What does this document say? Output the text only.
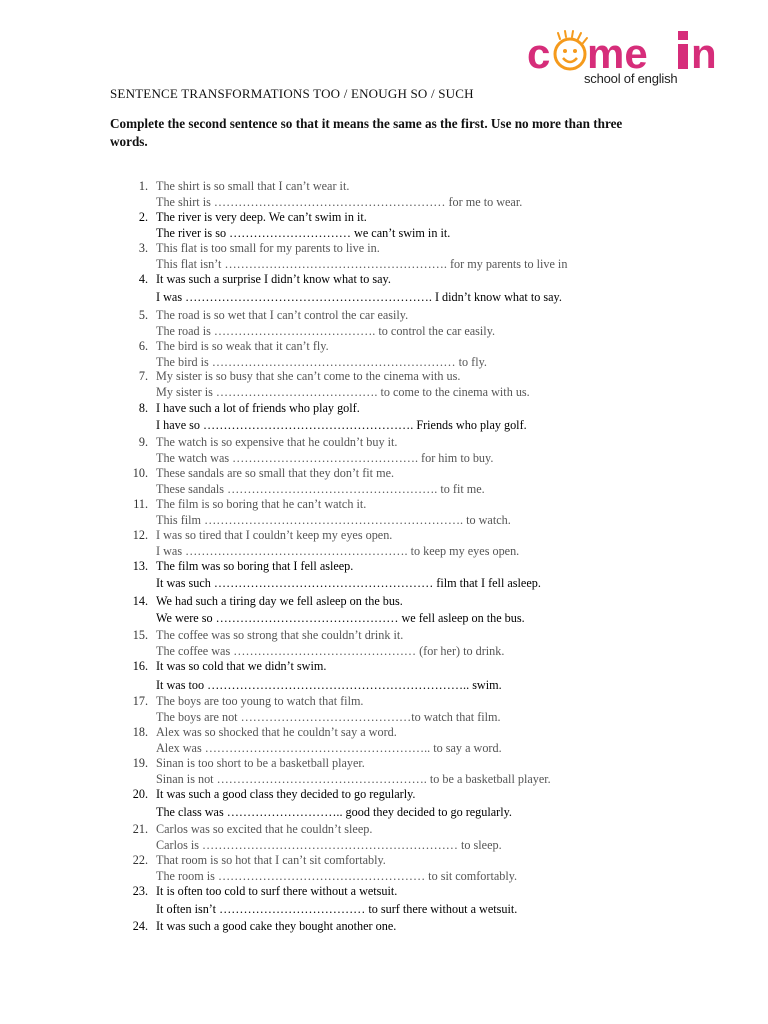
c me n
school of english
SENTENCE TRANSFORMATIONS TOO / ENOUGH SO / SUCH
Complete the second sentence so that it means the same as the first. Use no more than three words.
1. The shirt is so small that I can’t wear it.
The shirt is ………………………………………………… for me to wear.
2. The river is very deep. We can’t swim in it.
The river is so ………………………… we can’t swim in it.
3. This flat is too small for my parents to live in.
This flat isn’t ………………………………………………. for my parents to live in
4. It was such a surprise I didn’t know what to say.
I was ……………………………………………………. I didn’t know what to say.
5. The road is so wet that I can’t control the car easily.
The road is …………………………………. to control the car easily.
6. The bird is so weak that it can’t fly.
The bird is …………………………………………………… to fly.
7. My sister is so busy that she can’t come to the cinema with us.
My sister is …………………………………. to come to the cinema with us.
8. I have such a lot of friends who play golf.
I have so ……………………………………………. Friends who play golf.
9. The watch is so expensive that he couldn’t buy it.
The watch was ………………………………………. for him to buy.
10. These sandals are so small that they don’t fit me.
These sandals ……………………………………………. to fit me.
11. The film is so boring that he can’t watch it.
This film ………………………………………………………. to watch.
12. I was so tired that I couldn’t keep my eyes open.
I was ………………………………………………. to keep my eyes open.
13. The film was so boring that I fell asleep.
It was such ……………………………………………… film that I fell asleep.
14. We had such a tiring day we fell asleep on the bus.
We were so ……………………………………… we fell asleep on the bus.
15. The coffee was so strong that she couldn’t drink it.
The coffee was ……………………………………… (for her) to drink.
16. It was so cold that we didn’t swim.
It was too ……………………………………………………….. swim.
17. The boys are too young to watch that film.
The boys are not ……………………………………to watch that film.
18. Alex was so shocked that he couldn’t say a word.
Alex was ……………………………………………….. to say a word.
19. Sinan is too short to be a basketball player.
Sinan is not ……………………………………………. to be a basketball player.
20. It was such a good class they decided to go regularly.
The class was ……………………….. good they decided to go regularly.
21. Carlos was so excited that he couldn’t sleep.
Carlos is ……………………………………………………… to sleep.
22. That room is so hot that I can’t sit comfortably.
The room is …………………………………………… to sit comfortably.
23. It is often too cold to surf there without a wetsuit.
It often isn’t ……………………………… to surf there without a wetsuit.
24. It was such a good cake they bought another one.
